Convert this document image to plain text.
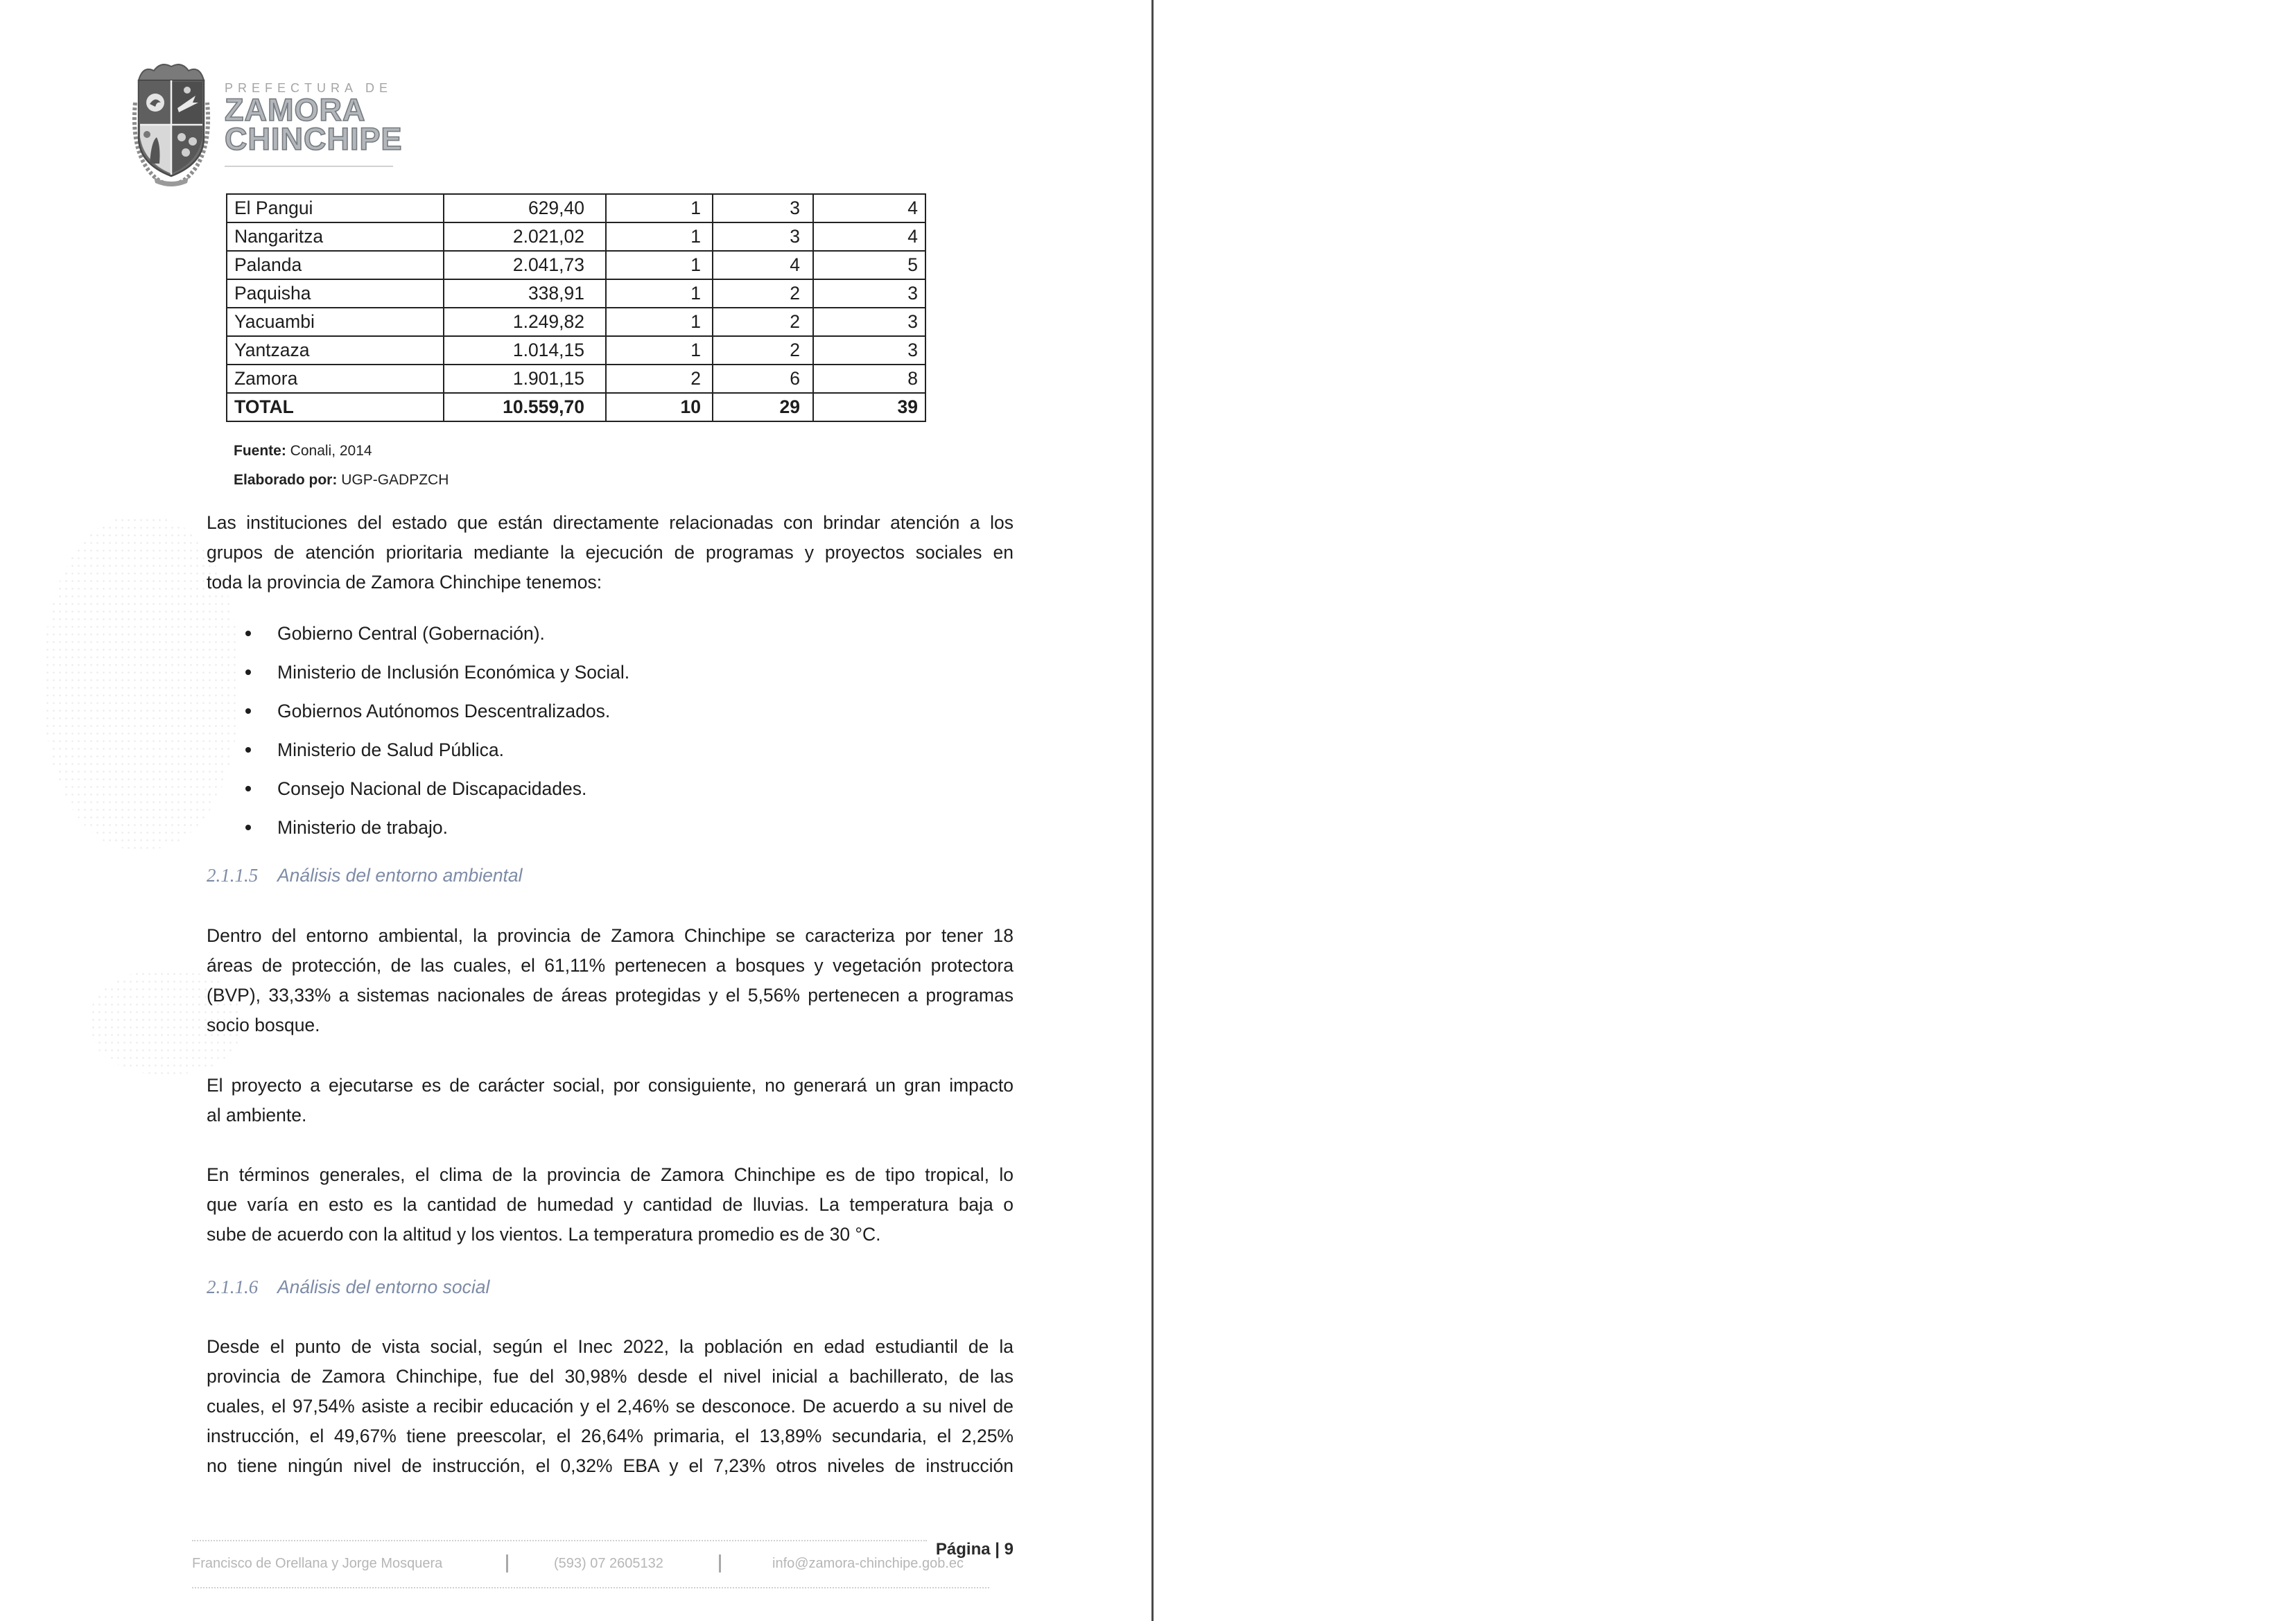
PREFECTURA DE
ZAMORA
CHINCHIPE
El Pangui	629,40	1	3	4
Nangaritza	2.021,02	1	3	4
Palanda	2.041,73	1	4	5
Paquisha	338,91	1	2	3
Yacuambi	1.249,82	1	2	3
Yantzaza	1.014,15	1	2	3
Zamora	1.901,15	2	6	8
TOTAL	10.559,70	10	29	39
Fuente: Conali, 2014
Elaborado por: UGP-GADPZCH
Las instituciones del estado que están directamente relacionadas con brindar atención a los
grupos de atención prioritaria mediante la ejecución de programas y proyectos sociales en
toda la provincia de Zamora Chinchipe tenemos:
Gobierno Central (Gobernación).
Ministerio de Inclusión Económica y Social.
Gobiernos Autónomos Descentralizados.
Ministerio de Salud Pública.
Consejo Nacional de Discapacidades.
Ministerio de trabajo.
2.1.1.5 Análisis del entorno ambiental
Dentro del entorno ambiental, la provincia de Zamora Chinchipe se caracteriza por tener 18
áreas de protección, de las cuales, el 61,11% pertenecen a bosques y vegetación protectora
(BVP), 33,33% a sistemas nacionales de áreas protegidas y el 5,56% pertenecen a programas
socio bosque.
El proyecto a ejecutarse es de carácter social, por consiguiente, no generará un gran impacto
al ambiente.
En términos generales, el clima de la provincia de Zamora Chinchipe es de tipo tropical, lo
que varía en esto es la cantidad de humedad y cantidad de lluvias. La temperatura baja o
sube de acuerdo con la altitud y los vientos. La temperatura promedio es de 30 °C.
2.1.1.6 Análisis del entorno social
Desde el punto de vista social, según el Inec 2022, la población en edad estudiantil de la
provincia de Zamora Chinchipe, fue del 30,98% desde el nivel inicial a bachillerato, de las
cuales, el 97,54% asiste a recibir educación y el 2,46% se desconoce. De acuerdo a su nivel de
instrucción, el 49,67% tiene preescolar, el 26,64% primaria, el 13,89% secundaria, el 2,25%
no tiene ningún nivel de instrucción, el 0,32% EBA y el 7,23% otros niveles de instrucción
Página | 9
Francisco de Orellana y Jorge Mosquera	(593) 07 2605132	info@zamora-chinchipe.gob.ec
